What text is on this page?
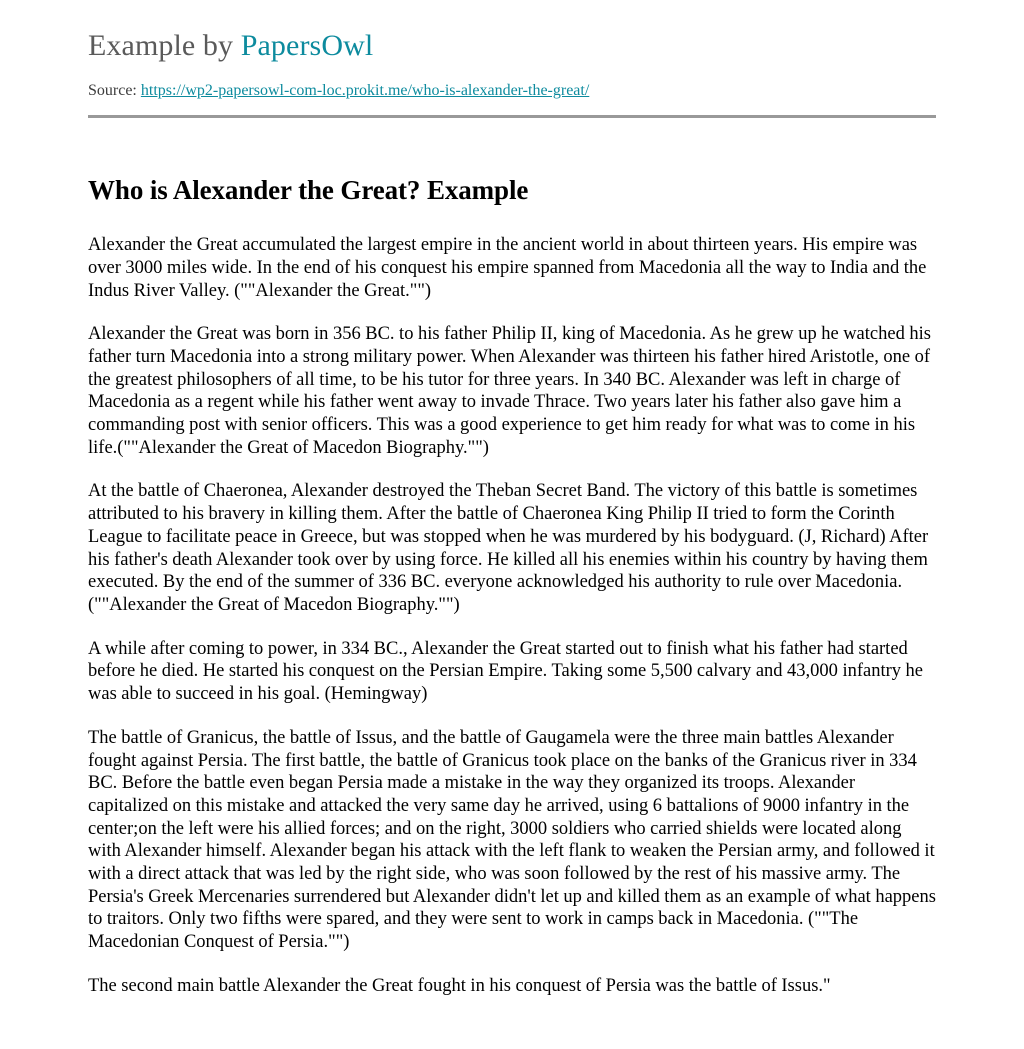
Example by PapersOwl
Source: https://wp2-papersowl-com-loc.prokit.me/who-is-alexander-the-great/
Who is Alexander the Great? Example

Alexander the Great accumulated the largest empire in the ancient world in about thirteen years. His empire was over 3000 miles wide. In the end of his conquest his empire spanned from Macedonia all the way to India and the Indus River Valley. (""Alexander the Great."")

Alexander the Great was born in 356 BC. to his father Philip II, king of Macedonia. As he grew up he watched his father turn Macedonia into a strong military power. When Alexander was thirteen his father hired Aristotle, one of the greatest philosophers of all time, to be his tutor for three years. In 340 BC. Alexander was left in charge of Macedonia as a regent while his father went away to invade Thrace. Two years later his father also gave him a commanding post with senior officers. This was a good experience to get him ready for what was to come in his life.(""Alexander the Great of Macedon Biography."")

At the battle of Chaeronea, Alexander destroyed the Theban Secret Band. The victory of this battle is sometimes attributed to his bravery in killing them. After the battle of Chaeronea King Philip II tried to form the Corinth League to facilitate peace in Greece, but was stopped when he was murdered by his bodyguard. (J, Richard) After his father's death Alexander took over by using force. He killed all his enemies within his country by having them executed. By the end of the summer of 336 BC. everyone acknowledged his authority to rule over Macedonia. (""Alexander the Great of Macedon Biography."")

A while after coming to power, in 334 BC., Alexander the Great started out to finish what his father had started before he died. He started his conquest on the Persian Empire. Taking some 5,500 calvary and 43,000 infantry he was able to succeed in his goal. (Hemingway)

The battle of Granicus, the battle of Issus, and the battle of Gaugamela were the three main battles Alexander fought against Persia. The first battle, the battle of Granicus took place on the banks of the Granicus river in 334 BC. Before the battle even began Persia made a mistake in the way they organized its troops. Alexander capitalized on this mistake and attacked the very same day he arrived, using 6 battalions of 9000 infantry in the center;on the left were his allied forces; and on the right, 3000 soldiers who carried shields were located along with Alexander himself. Alexander began his attack with the left flank to weaken the Persian army, and followed it with a direct attack that was led by the right side, who was soon followed by the rest of his massive army. The Persia's Greek Mercenaries surrendered but Alexander didn't let up and killed them as an example of what happens to traitors. Only two fifths were spared, and they were sent to work in camps back in Macedonia. (""The Macedonian Conquest of Persia."")

The second main battle Alexander the Great fought in his conquest of Persia was the battle of Issus."
